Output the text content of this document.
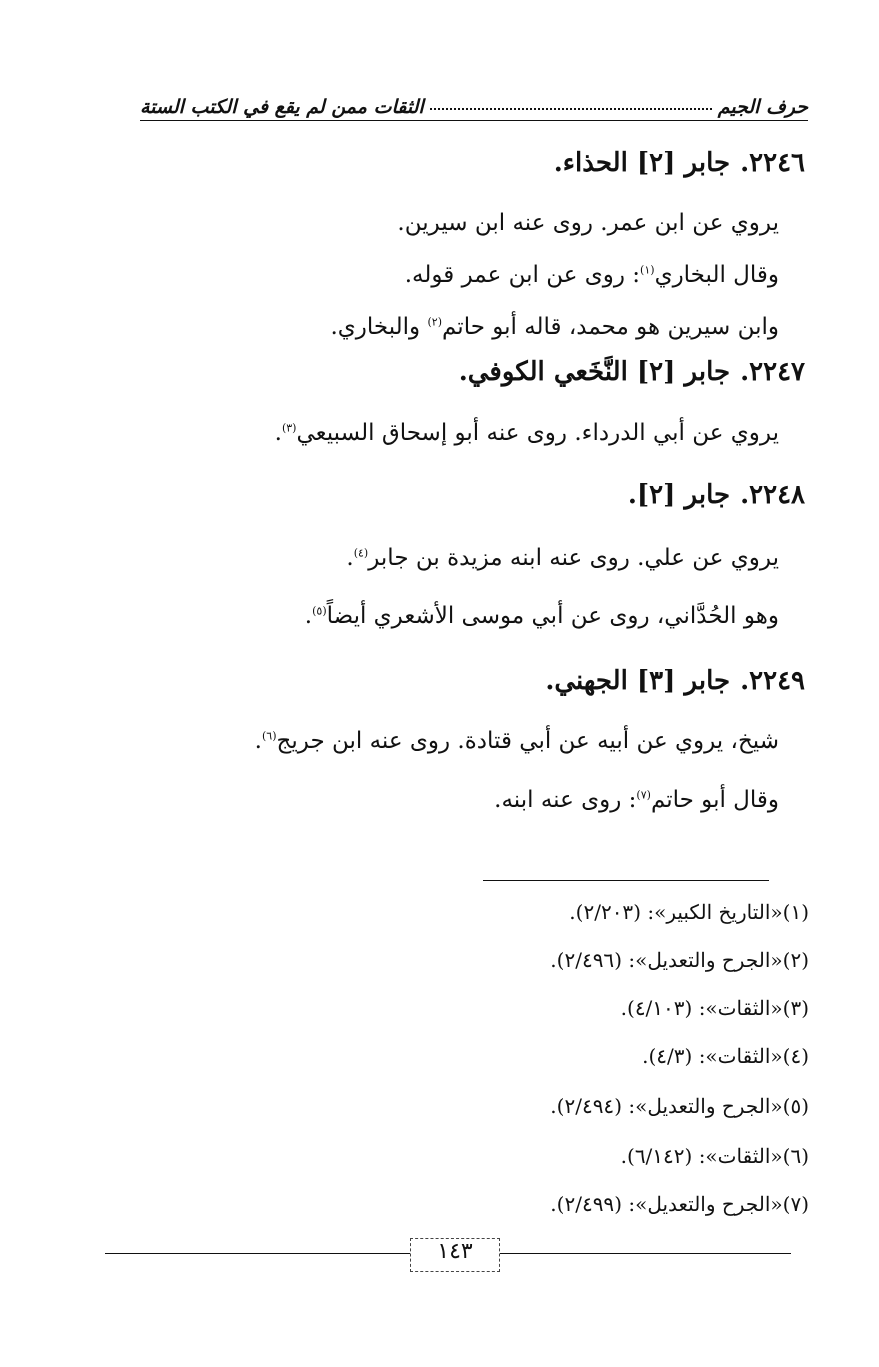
حرف الجيم
الثقات ممن لم يقع في الكتب الستة
٢٢٤٦.جابر [٢] الحذاء.
يروي عن ابن عمر. روى عنه ابن سيرين.
وقال البخاري$^{(١)}$: روى عن ابن عمر قوله.
وابن سيرين هو محمد، قاله أبو حاتم$^{(٢)}$ والبخاري.
٢٢٤٧.جابر [٢] النَّخَعي الكوفي.
يروي عن أبي الدرداء. روى عنه أبو إسحاق السبيعي$^{(٣)}$.
٢٢٤٨.جابر [٢].
يروي عن علي. روى عنه ابنه مزيدة بن جابر$^{(٤)}$.
وهو الحُدَّاني، روى عن أبي موسى الأشعري أيضاً$^{(٥)}$.
٢٢٤٩.جابر [٣] الجهني.
شيخ، يروي عن أبيه عن أبي قتادة. روى عنه ابن جريج$^{(٦)}$.
وقال أبو حاتم$^{(٧)}$: روى عنه ابنه.
(١)«التاريخ الكبير»: (٢/٢٠٣).
(٢)«الجرح والتعديل»: (٢/٤٩٦).
(٣)«الثقات»: (٤/١٠٣).
(٤)«الثقات»: (٤/٣).
(٥)«الجرح والتعديل»: (٢/٤٩٤).
(٦)«الثقات»: (٦/١٤٢).
(٧)«الجرح والتعديل»: (٢/٤٩٩).
١٤٣
